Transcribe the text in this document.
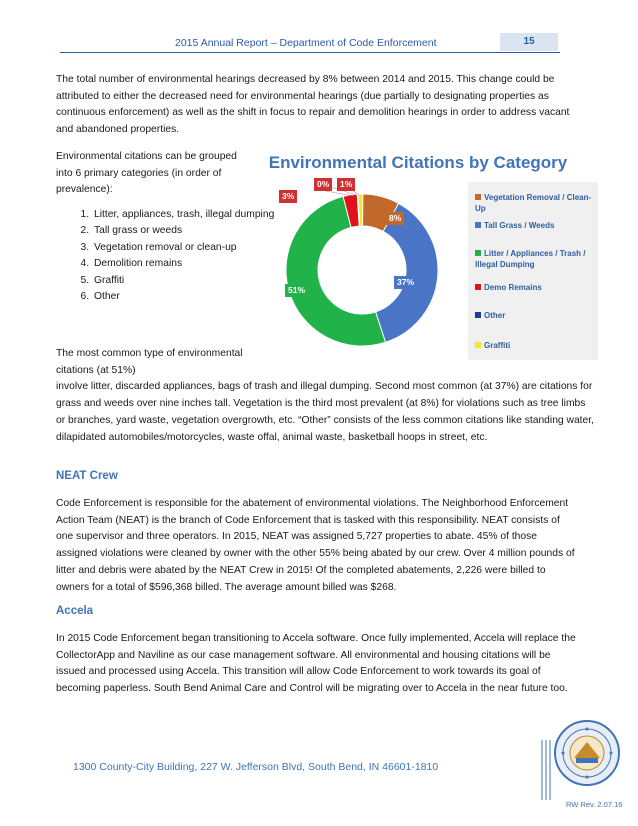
2015 Annual Report – Department of Code Enforcement	15

The total number of environmental hearings decreased by 8% between 2014 and 2015. This change could be attributed to either the decreased need for environmental hearings (due partially to designating properties as continuous enforcement) as well as the shift in focus to repair and demolition hearings in order to address vacant and abandoned properties.

Environmental citations can be grouped into 6 primary categories (in order of prevalence):

1. Litter, appliances, trash, illegal dumping
2. Tall grass or weeds
3. Vegetation removal or clean-up
4. Demolition remains
5. Graffiti
6. Other

The most common type of environmental citations (at 51%)
involve litter, discarded appliances, bags of trash and illegal dumping. Second most common (at 37%) are citations for grass and weeds over nine inches tall. Vegetation is the third most prevalent (at 8%) for violations such as tree limbs or branches, yard waste, vegetation overgrowth, etc. “Other” consists of the less common citations like standing water, dilapidated automobiles/motorcycles, waste offal, animal waste, basketball hoops in street, etc.

Environmental Citations by Category
Vegetation Removal / Clean-Up
Tall Grass / Weeds
Litter / Appliances / Trash / Illegal Dumping
Demo Remains
Other
Graffiti
8%
37%
51%
3%
0%	1%
NEAT Crew

Code Enforcement is responsible for the abatement of environmental violations. The Neighborhood Enforcement Action Team (NEAT) is the branch of Code Enforcement that is tasked with this responsibility. NEAT consists of one supervisor and three operators. In 2015, NEAT was assigned 5,727 properties to abate. 45% of those assigned violations were cleaned by owner with the other 55% being abated by our crew. Over 4 million pounds of litter and debris were abated by the NEAT Crew in 2015! Of the completed abatements, 2,226 were billed to owners for a total of $596,368 billed. The average amount billed was $268.

Accela

In 2015 Code Enforcement began transitioning to Accela software. Once fully implemented, Accela will replace the CollectorApp and Naviline as our case management software. All environmental and housing citations will be issued and processed using Accela. This transition will allow Code Enforcement to work towards its goal of becoming paperless. South Bend Animal Care and Control will be migrating over to Accela in the near future too.

1300 County-City Building, 227 W. Jefferson Blvd, South Bend, IN 46601-1810
RW Rev. 2.07.16
